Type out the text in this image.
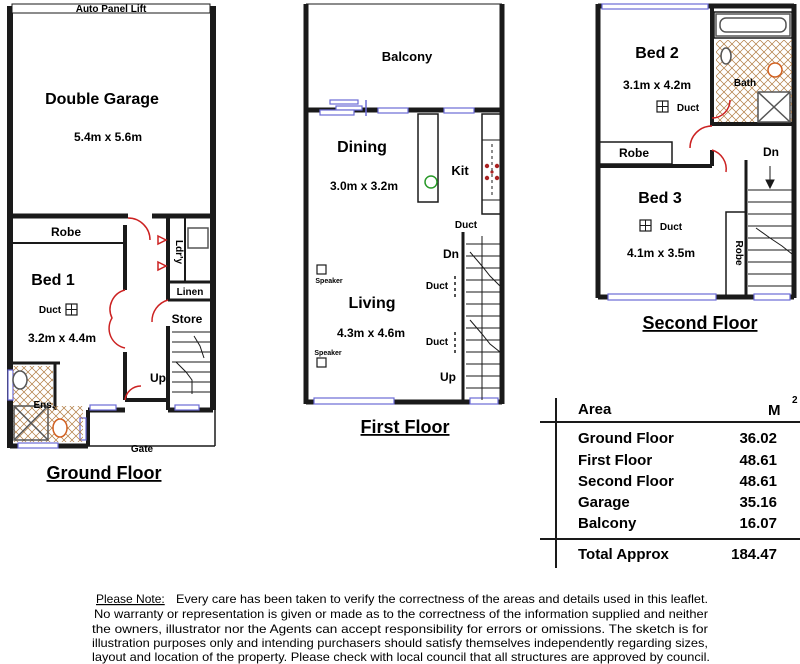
Auto Panel Lift
Double Garage
5.4m x 5.6m
Robe
Bed 1
Duct
3.2m x 4.4m
Ens.
Ldr'y
Linen
Store
Up
Gate
Ground Floor
Balcony
Dining
3.0m x 3.2m
Kit
Duct
Dn
Duct
Speaker
Living
4.3m x 4.6m
Speaker
Duct
Up
First Floor
Bed 2
3.1m x 4.2m
Duct
Bath
Robe	Dn
Bed 3
Duct
4.1m x 3.5m	Robe
Second Floor
Area	M
2
Ground Floor	36.02
First Floor	48.61
Second Floor	48.61
Garage	35.16
Balcony	16.07
Total Approx	184.47
Please Note: Every care has been taken to verify the correctness of the areas and details used in this leaflet.
No warranty or representation is given or made as to the correctness of the information supplied and neither
the owners, illustrator nor the Agents can accept responsibility for errors or omissions. The sketch is for
illustration purposes only and intending purchasers should satisfy themselves independently regarding sizes,
layout and location of the property. Please check with local council that all structures are approved by council.
